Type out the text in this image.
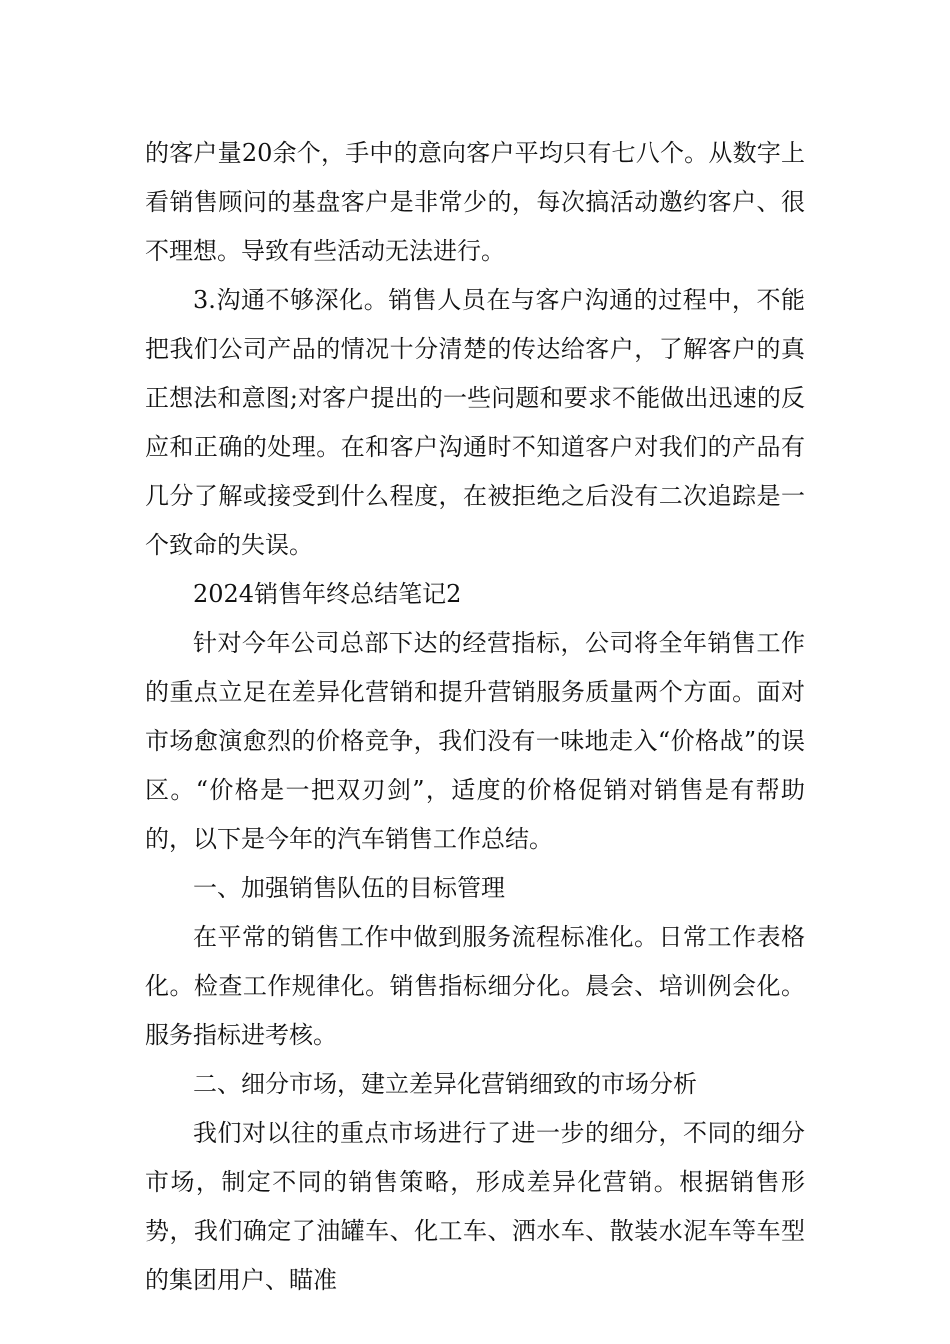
的客户量20余个，手中的意向客户平均只有七八个。从数字上看销售顾问的基盘客户是非常少的，每次搞活动邀约客户、很不理想。导致有些活动无法进行。

3.沟通不够深化。销售人员在与客户沟通的过程中，不能把我们公司产品的情况十分清楚的传达给客户，了解客户的真正想法和意图;对客户提出的一些问题和要求不能做出迅速的反应和正确的处理。在和客户沟通时不知道客户对我们的产品有几分了解或接受到什么程度，在被拒绝之后没有二次追踪是一个致命的失误。

2024销售年终总结笔记2

针对今年公司总部下达的经营指标，公司将全年销售工作的重点立足在差异化营销和提升营销服务质量两个方面。面对市场愈演愈烈的价格竞争，我们没有一味地走入“价格战”的误区。“价格是一把双刃剑”，适度的价格促销对销售是有帮助的，以下是今年的汽车销售工作总结。

一、加强销售队伍的目标管理

在平常的销售工作中做到服务流程标准化。日常工作表格化。检查工作规律化。销售指标细分化。晨会、培训例会化。服务指标进考核。

二、细分市场，建立差异化营销细致的市场分析

我们对以往的重点市场进行了进一步的细分，不同的细分市场，制定不同的销售策略，形成差异化营销。根据销售形势，我们确定了油罐车、化工车、洒水车、散装水泥车等车型的集团用户、瞄准
